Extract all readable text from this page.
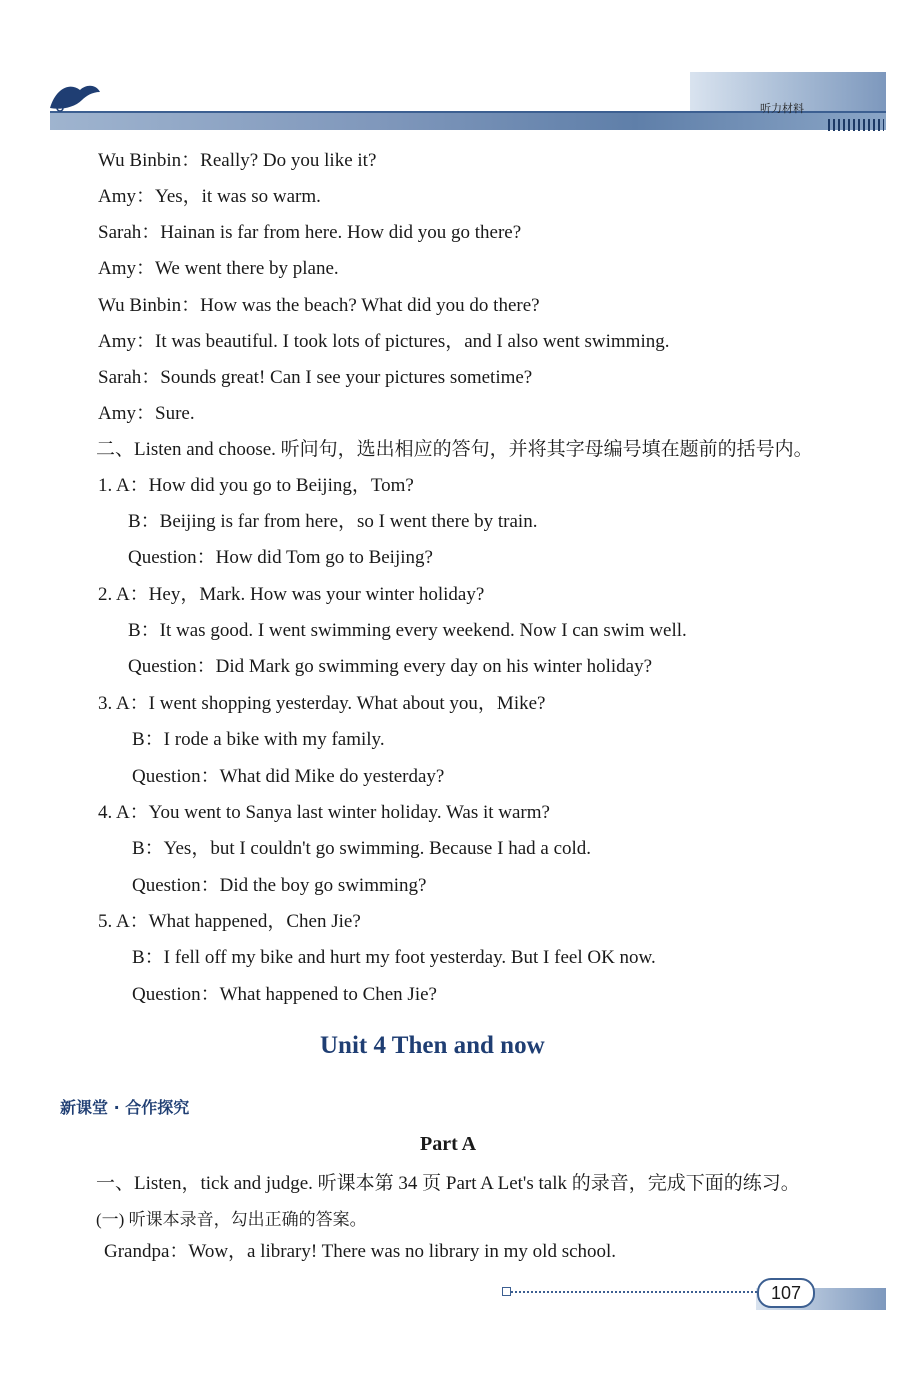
听力材料
Wu Binbin：Really? Do you like it?
Amy：Yes，it was so warm.
Sarah：Hainan is far from here. How did you go there?
Amy：We went there by plane.
Wu Binbin：How was the beach? What did you do there?
Amy：It was beautiful. I took lots of pictures，and I also went swimming.
Sarah：Sounds great! Can I see your pictures sometime?
Amy：Sure.
二、Listen and choose. 听问句，选出相应的答句，并将其字母编号填在题前的括号内。
1. A：How did you go to Beijing，Tom?
B：Beijing is far from here，so I went there by train.
Question：How did Tom go to Beijing?
2. A：Hey，Mark. How was your winter holiday?
B：It was good. I went swimming every weekend. Now I can swim well.
Question：Did Mark go swimming every day on his winter holiday?
3. A：I went shopping yesterday. What about you，Mike?
B：I rode a bike with my family.
Question：What did Mike do yesterday?
4. A：You went to Sanya last winter holiday. Was it warm?
B：Yes，but I couldn't go swimming. Because I had a cold.
Question：Did the boy go swimming?
5. A：What happened，Chen Jie?
B：I fell off my bike and hurt my foot yesterday. But I feel OK now.
Question：What happened to Chen Jie?
Unit 4 Then and now
新课堂 · 合作探究
Part A
一、Listen，tick and judge. 听课本第 34 页 Part A Let's talk 的录音，完成下面的练习。
(一) 听课本录音，勾出正确的答案。
Grandpa：Wow，a library! There was no library in my old school.
107
